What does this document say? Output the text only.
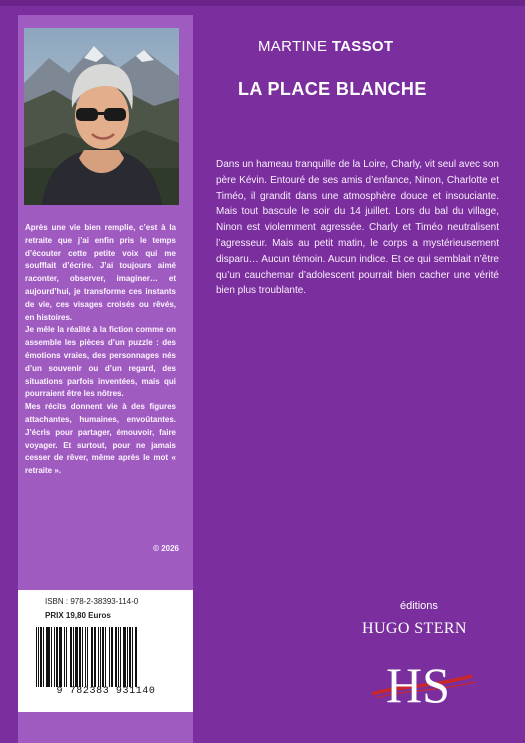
Après une vie bien remplie, c’est à la retraite que j’ai enfin pris le temps d’écouter cette petite voix qui me soufflait d’écrire. J’ai toujours aimé raconter, observer, imaginer… et aujourd’hui, je transforme ces instants de vie, ces visages croisés ou rêvés, en histoires.

Je mêle la réalité à la fiction comme on assemble les pièces d’un puzzle : des émotions vraies, des personnages nés d’un souvenir ou d’un regard, des situations parfois inventées, mais qui pourraient être les nôtres.

Mes récits donnent vie à des figures attachantes, humaines, envoûtantes. J’écris pour partager, émouvoir, faire voyager. Et surtout, pour ne jamais cesser de rêver, même après le mot « retraite ».

© 2026
ISBN : 978-2-38393-114-0
PRIX 19,80 Euros
9 782383 931140
MARTINE TASSOT
LA PLACE BLANCHE
Dans un hameau tranquille de la Loire, Charly, vit seul avec son père Kévin. Entouré de ses amis d’enfance, Ninon, Charlotte et Timéo, il grandit dans une atmosphère douce et insouciante. Mais tout bascule le soir du 14 juillet. Lors du bal du village, Ninon est violemment agressée. Charly et Timéo neutralisent l’agresseur. Mais au petit matin, le corps a mystérieusement disparu… Aucun témoin. Aucun indice. Et ce qui semblait n’être qu’un cauchemar d’adolescent pourrait bien cacher une vérité bien plus troublante.
éditions
HUGO STERN
HS
